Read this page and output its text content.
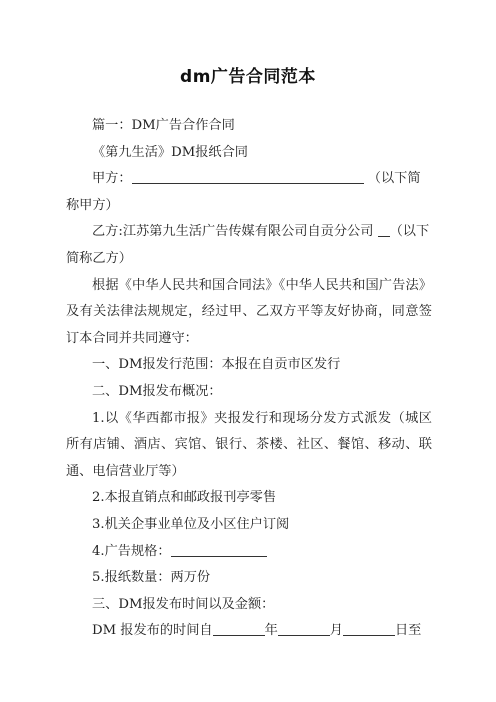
dm广告合同范本

篇一：DM广告合作合同

《第九生活》DM报纸合同

甲方：	（以下简称甲方）

乙方:江苏第九生活广告传媒有限公司自贡分公司 （以下简称乙方）

根据《中华人民共和国合同法》《中华人民共和国广告法》及有关法律法规规定，经过甲、乙双方平等友好协商，同意签订本合同并共同遵守：

一、DM报发行范围：本报在自贡市区发行

二、DM报发布概况：

1.以《华西都市报》夹报发行和现场分发方式派发（城区所有店铺、酒店、宾馆、银行、茶楼、社区、餐馆、移动、联通、电信营业厅等）

2.本报直销点和邮政报刊亭零售

3.机关企事业单位及小区住户订阅

4.广告规格：

5.报纸数量：两万份

三、DM报发布时间以及金额：

DM 报发布的时间自	年	月	日至
